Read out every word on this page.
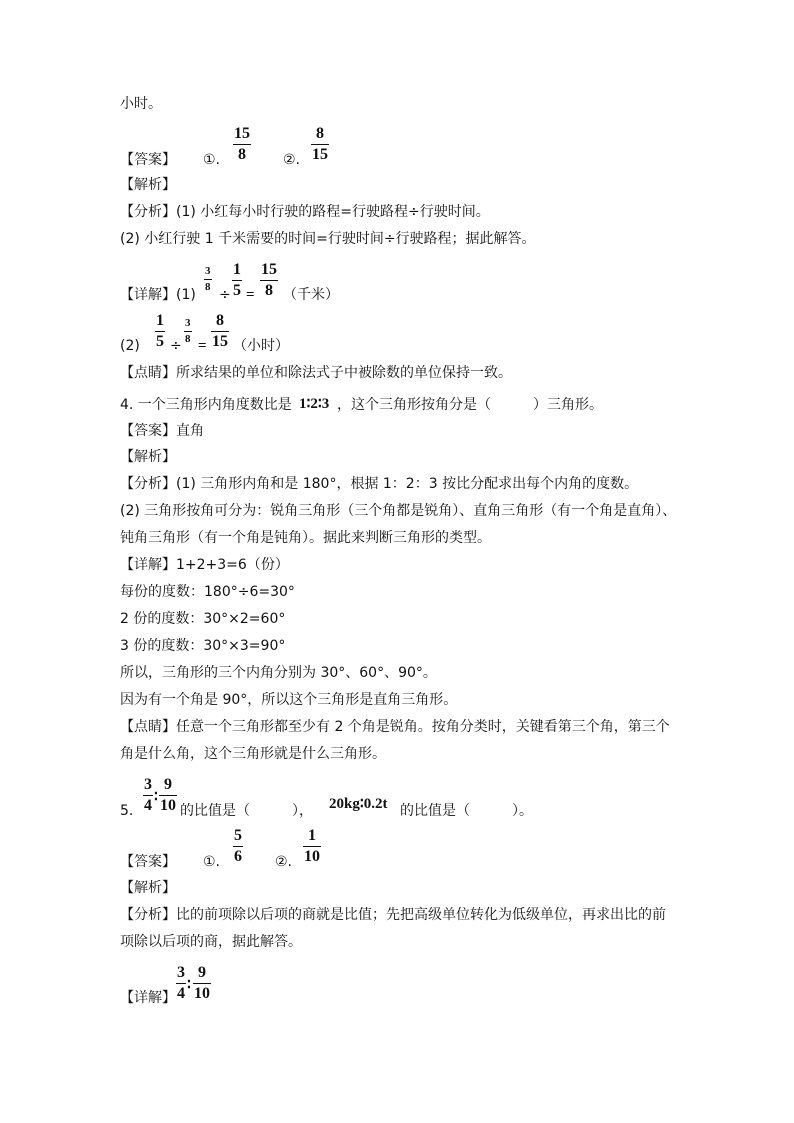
小时。
【答案】 ①. $\frac{15}{8}$ ②. $\frac{8}{15}$
【解析】
【分析】(1) 小红每小时行驶的路程=行驶路程÷行驶时间。
(2) 小红行驶 1 千米需要的时间=行驶时间÷行驶路程；据此解答。
【详解】(1)
$\frac{3}{8}$
÷ $\frac{1}{5} = \frac{15}{8}$ （千米）
$(2) \frac{1}{5}$ ÷
$\frac{3}{8}$
= $\frac{8}{15}$ （小时）
【点睛】所求结果的单位和除法式子中被除数的单位保持一致。
4. 一个三角形内角度数比是 1∶2∶3 ，这个三角形按角分是（　　　）三角形。
【答案】直角
【解析】
【分析】(1) 三角形内角和是 180°，根据 1：2：3 按比分配求出每个内角的度数。
(2) 三角形按角可分为：锐角三角形（三个角都是锐角）、直角三角形（有一个角是直角）、
钝角三角形（有一个角是钝角）。据此来判断三角形的类型。
【详解】1+2+3=6（份）
每份的度数：180°÷6=30°
2 份的度数：30°×2=60°
3 份的度数：30°×3=90°
所以，三角形的三个内角分别为 30°、60°、90°。
因为有一个角是 90°，所以这个三角形是直角三角形。
【点睛】任意一个三角形都至少有 2 个角是锐角。按角分类时，关键看第三个角，第三个
角是什么角，这个三角形就是什么三角形。
5. $\frac{3}{4}$ ∶ $\frac{9}{10}$ 的比值是（　　　）， 20kg∶0.2t 的比值是（　　　）。
【答案】 ①. $\frac{5}{6}$ ②. $\frac{1}{10}$
【解析】
【分析】比的前项除以后项的商就是比值；先把高级单位转化为低级单位，再求出比的前
项除以后项的商，据此解答。
【详解】 $\frac{3}{4}$ ∶ $\frac{9}{10}$
